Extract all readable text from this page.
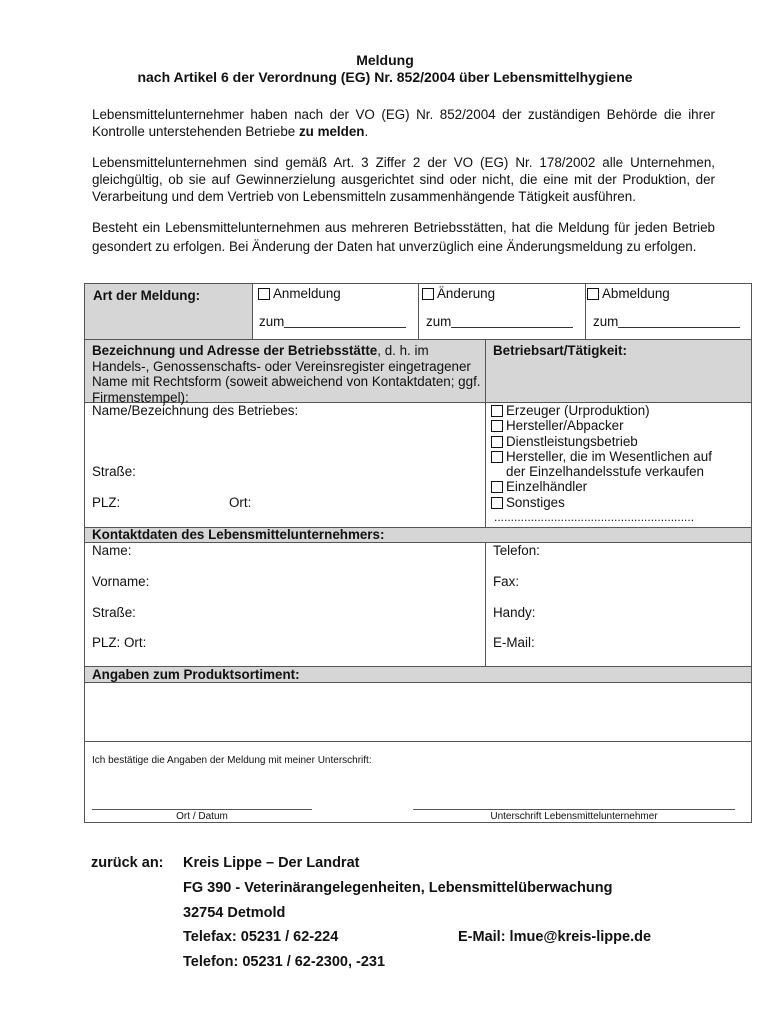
Meldung
nach Artikel 6 der Verordnung (EG) Nr. 852/2004 über Lebensmittelhygiene
Lebensmittelunternehmer haben nach der VO (EG) Nr. 852/2004 der zuständigen Behörde die ihrer Kontrolle unterstehenden Betriebe zu melden.
Lebensmittelunternehmen sind gemäß Art. 3 Ziffer 2 der VO (EG) Nr. 178/2002 alle Unternehmen, gleichgültig, ob sie auf Gewinnerzielung ausgerichtet sind oder nicht, die eine mit der Produktion, der Verarbeitung und dem Vertrieb von Lebensmitteln zusammenhängende Tätigkeit ausführen.
Besteht ein Lebensmittelunternehmen aus mehreren Betriebsstätten, hat die Meldung für jeden Betrieb gesondert zu erfolgen. Bei Änderung der Daten hat unverzüglich eine Änderungsmeldung zu erfolgen.
Art der Meldung:	Anmeldung	Änderung	Abmeldung
zum	zum	zum
Bezeichnung und Adresse der Betriebsstätte, d. h. im Handels-, Genossenschafts- oder Vereinsregister eingetragener Name mit Rechtsform (soweit abweichend von Kontaktdaten; ggf. Firmenstempel):
Betriebsart/Tätigkeit:
Name/Bezeichnung des Betriebes:
Straße:
PLZ:	Ort:
Erzeuger (Urproduktion)
Hersteller/Abpacker
Dienstleistungsbetrieb
Hersteller, die im Wesentlichen auf
der Einzelhandelsstufe verkaufen
Einzelhändler
Sonstiges
............................................................
Kontaktdaten des Lebensmittelunternehmers:
Name:
Vorname:
Straße:
PLZ: Ort:
Telefon:
Fax:
Handy:
E-Mail:
Angaben zum Produktsortiment:
Ich bestätige die Angaben der Meldung mit meiner Unterschrift:
Ort / Datum	Unterschrift Lebensmittelunternehmer
zurück an: Kreis Lippe – Der Landrat
FG 390 - Veterinärangelegenheiten, Lebensmittelüberwachung
32754 Detmold
Telefax: 05231 / 62-224	E-Mail: lmue@kreis-lippe.de
Telefon: 05231 / 62-2300, -231
